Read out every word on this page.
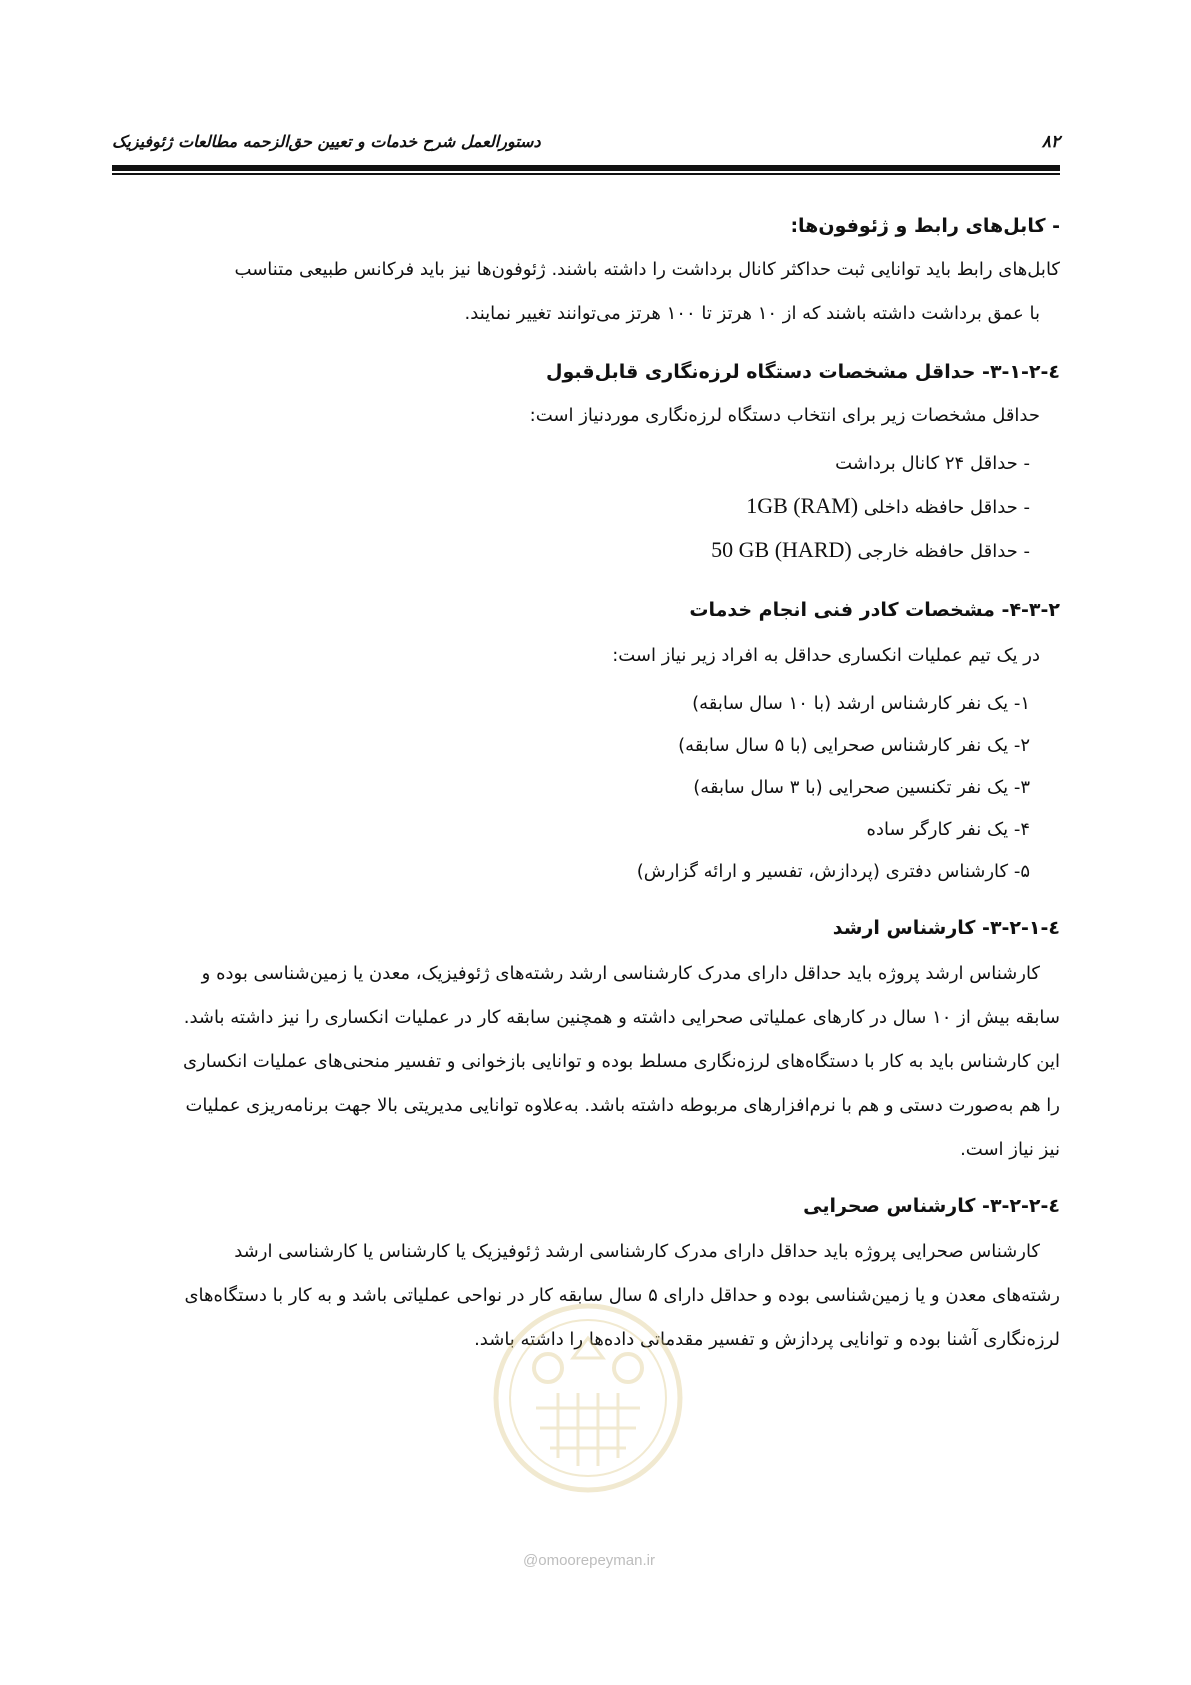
۸۲
دستورالعمل شرح خدمات و تعیین حق‌الزحمه مطالعات ژئوفیزیک

- کابل‌های رابط و ژئوفون‌ها:

کابل‌های رابط باید توانایی ثبت حداکثر کانال برداشت را داشته باشند. ژئوفون‌ها نیز باید فرکانس طبیعی متناسب

با عمق برداشت داشته باشند که از ۱۰ هرتز تا ۱۰۰ هرتز می‌توانند تغییر نمایند.

٤-۳-۱-۲- حداقل مشخصات دستگاه لرزه‌نگاری قابل‌قبول

حداقل مشخصات زیر برای انتخاب دستگاه لرزه‌نگاری موردنیاز است:

- حداقل ۲۴ کانال برداشت

- حداقل حافظه داخلی 1GB (RAM)

- حداقل حافظه خارجی 50 GB (HARD)

۴-۳-۲- مشخصات کادر فنی انجام خدمات

در یک تیم عملیات انکساری حداقل به افراد زیر نیاز است:

۱- یک نفر کارشناس ارشد (با ۱۰ سال سابقه)

۲- یک نفر کارشناس صحرایی (با ۵ سال سابقه)

۳- یک نفر تکنسین صحرایی (با ۳ سال سابقه)

۴- یک نفر کارگر ساده

۵- کارشناس دفتری (پردازش، تفسیر و ارائه گزارش)

٤-۳-۲-۱- کارشناس ارشد

کارشناس ارشد پروژه باید حداقل دارای مدرک کارشناسی ارشد رشته‌های ژئوفیزیک، معدن یا زمین‌شناسی بوده و

سابقه بیش از ۱۰ سال در کارهای عملیاتی صحرایی داشته و همچنین سابقه کار در عملیات انکساری را نیز داشته باشد.

این کارشناس باید به کار با دستگاه‌های لرزه‌نگاری مسلط بوده و توانایی بازخوانی و تفسیر منحنی‌های عملیات انکساری

را هم به‌صورت دستی و هم با نرم‌افزارهای مربوطه داشته باشد. به‌علاوه توانایی مدیریتی بالا جهت برنامه‌ریزی عملیات

نیز نیاز است.

٤-۳-۲-۲- کارشناس صحرایی

کارشناس صحرایی پروژه باید حداقل دارای مدرک کارشناسی ارشد ژئوفیزیک یا کارشناس یا کارشناسی ارشد

رشته‌های معدن و یا زمین‌شناسی بوده و حداقل دارای ۵ سال سابقه کار در نواحی عملیاتی باشد و به کار با دستگاه‌های

لرزه‌نگاری آشنا بوده و توانایی پردازش و تفسیر مقدماتی داده‌ها را داشته باشد.

@omoorepeyman.ir
